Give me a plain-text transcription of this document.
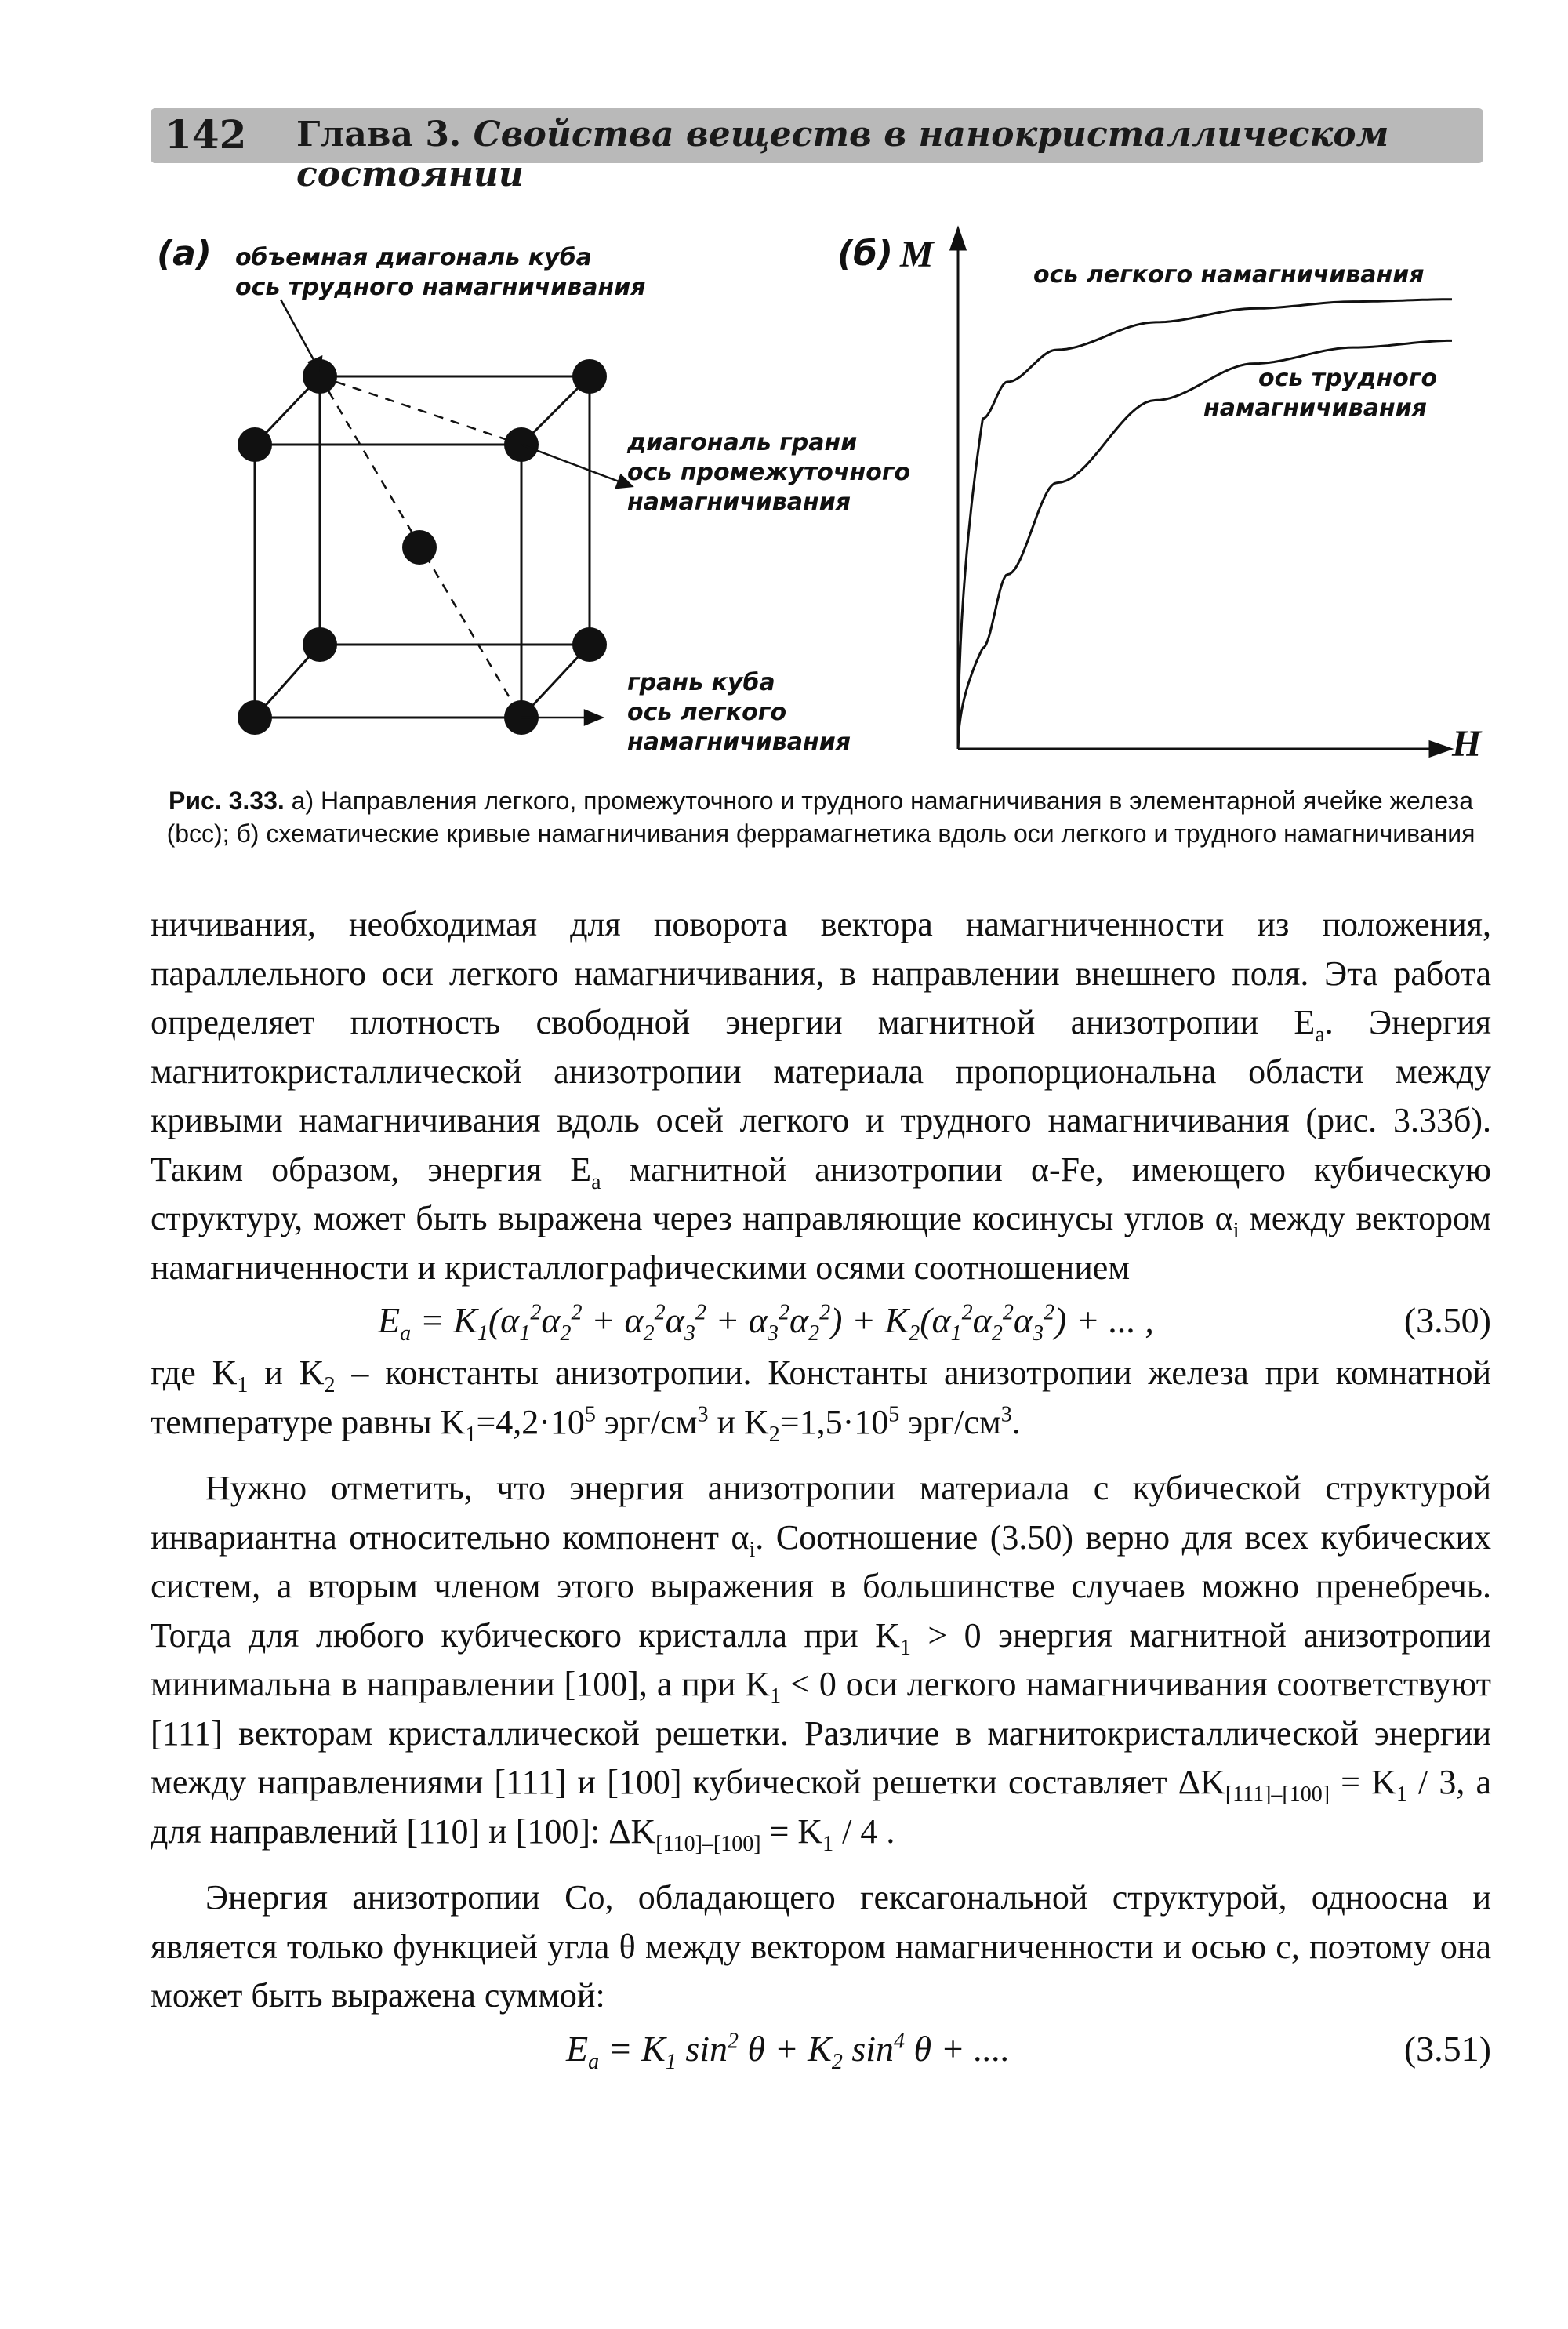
142 Глава 3. Свойства веществ в нанокристаллическом состоянии
(а) объемная диагональ куба
ось трудного намагничивания
диагональ грани
ось промежуточного
намагничивания
грань куба
ось легкого
намагничивания
(б) M
H
ось легкого намагничивания
ось трудного
намагничивания
Рис. 3.33. а) Направления легкого, промежуточного и трудного намагничивания в элементарной ячейке железа (bcc); б) схематические кривые намагничивания феррамагнетика вдоль оси легкого и трудного намагничивания

ничивания, необходимая для поворота вектора намагниченности из положения, параллельного оси легкого намагничивания, в направлении внешнего поля. Эта работа определяет плотность свободной энергии магнитной анизотропии $E_а$. Энергия магнитокристаллической анизотропии материала пропорциональна области между кривыми намагничивания вдоль осей легкого и трудного намагничивания (рис. 3.33б). Таким образом, энергия $E_а$ магнитной анизотропии α-Fe, имеющего кубическую структуру, может быть выражена через направляющие косинусы углов $\alpha_i$ между вектором намагниченности и кристаллографическими осями соотношением

$E_a = K_1(\alpha_1^2\alpha_2^2 + \alpha_2^2\alpha_3^2 + \alpha_3^2\alpha_2^2) + K_2(\alpha_1^2\alpha_2^2\alpha_3^2)$ + ... ,	(3.50)

где $K_1$ и $K_2$ – константы анизотропии. Константы анизотропии железа при комнатной температуре равны $K_1=4,2\cdot 10^5$ эрг/$см^3$ и $K_2=1,5\cdot 10^5$ эрг/$см^3$.

Нужно отметить, что энергия анизотропии материала с кубической структурой инвариантна относительно компонент $\alpha_i$. Соотношение (3.50) верно для всех кубических систем, а вторым членом этого выражения в большинстве случаев можно пренебречь. Тогда для любого кубического кристалла при $K_1 > 0$ энергия магнитной анизотропии минимальна в направлении [100], а при $K_1 < 0$ оси легкого намагничивания соответствуют [111] векторам кристаллической решетки. Различие в магнитокристаллической энергии между направлениями [111] и [100] кубической решетки составляет $\Delta K_{[111]-[100]} = K_1 / 3$, а для направлений [110] и [100]: $\Delta K_{[110]-[100]} = K_1 / 4$ .

Энергия анизотропии Co, обладающего гексагональной структурой, одноосна и является только функцией угла θ между вектором намагниченности и осью c, поэтому она может быть выражена суммой:

$E_a = K_1$ $\sin^2 \theta + K_2$ $\sin^4 \theta$ + ....	(3.51)
